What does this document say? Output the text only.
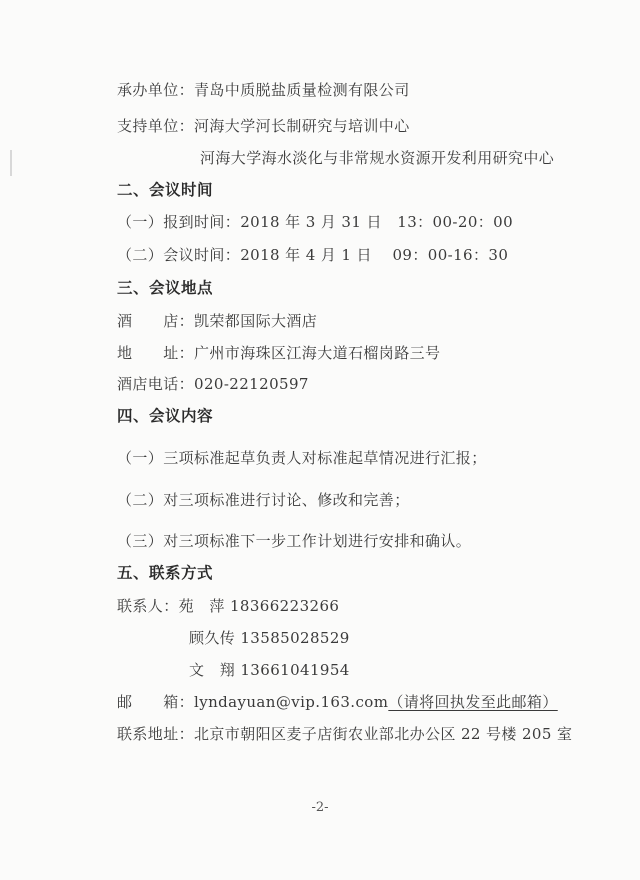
承办单位：青岛中质脱盐质量检测有限公司
支持单位：河海大学河长制研究与培训中心
河海大学海水淡化与非常规水资源开发利用研究中心
二、会议时间
（一）报到时间：2018 年 3 月 31 日　13：00-20：00
（二）会议时间：2018 年 4 月 1 日　 09：00-16：30
三、会议地点
酒　　店：凯荣都国际大酒店
地　　址：广州市海珠区江海大道石榴岗路三号
酒店电话：020-22120597
四、会议内容
（一）三项标准起草负责人对标准起草情况进行汇报；
（二）对三项标准进行讨论、修改和完善；
（三）对三项标准下一步工作计划进行安排和确认。
五、联系方式
联系人：苑　萍 18366223266
顾久传 13585028529
文　翔 13661041954
邮　　箱：lyndayuan@vip.163.com（请将回执发至此邮箱）
联系地址：北京市朝阳区麦子店街农业部北办公区 22 号楼 205 室
-2-
